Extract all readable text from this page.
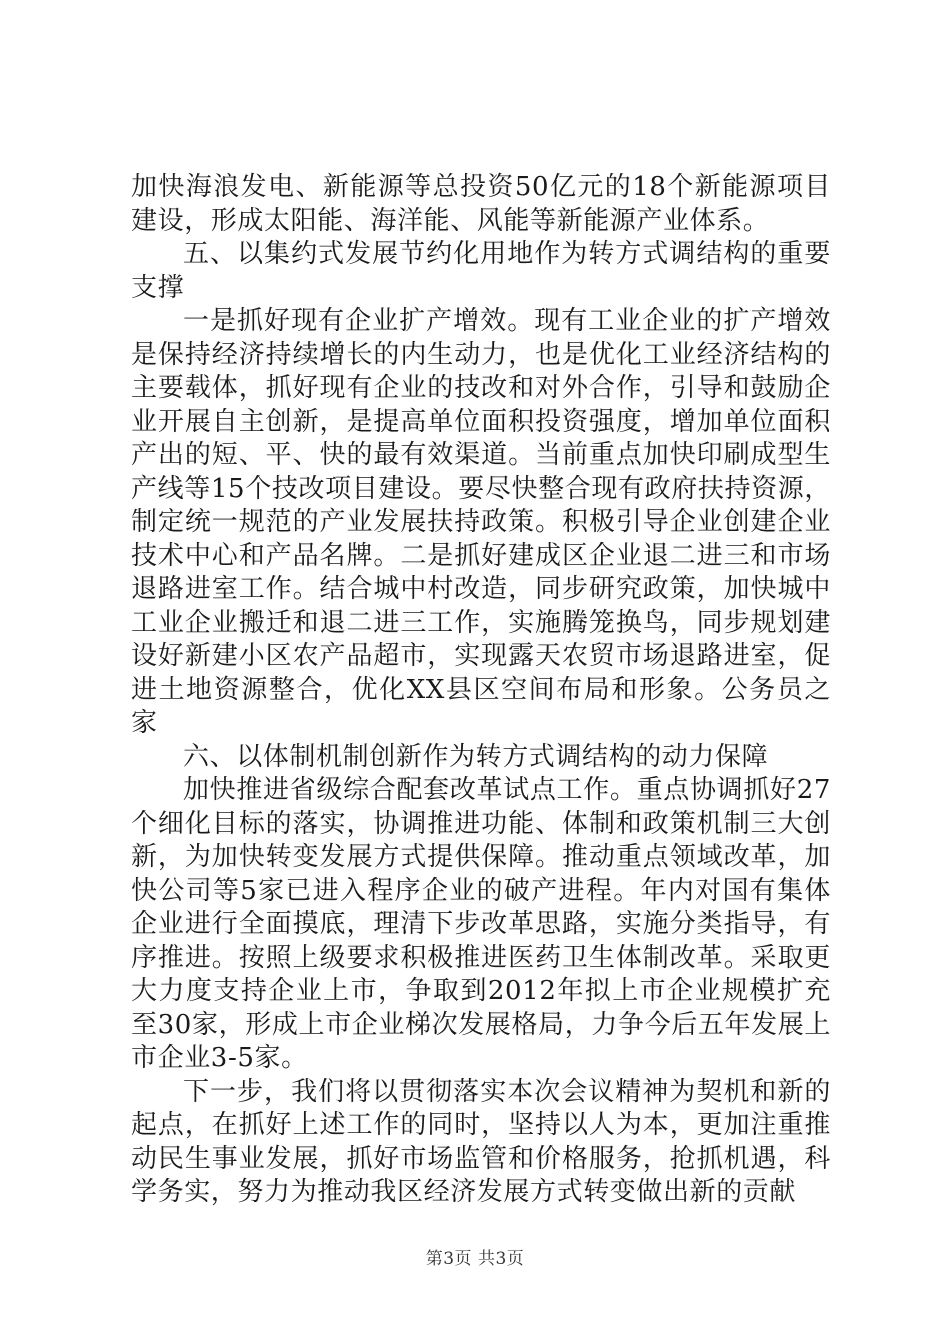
加快海浪发电、新能源等总投资50亿元的18个新能源项目建设，形成太阳能、海洋能、风能等新能源产业体系。

五、以集约式发展节约化用地作为转方式调结构的重要支撑

一是抓好现有企业扩产增效。现有工业企业的扩产增效是保持经济持续增长的内生动力，也是优化工业经济结构的主要载体，抓好现有企业的技改和对外合作，引导和鼓励企业开展自主创新，是提高单位面积投资强度，增加单位面积产出的短、平、快的最有效渠道。当前重点加快印刷成型生产线等15个技改项目建设。要尽快整合现有政府扶持资源，制定统一规范的产业发展扶持政策。积极引导企业创建企业技术中心和产品名牌。二是抓好建成区企业退二进三和市场退路进室工作。结合城中村改造，同步研究政策，加快城中工业企业搬迁和退二进三工作，实施腾笼换鸟，同步规划建设好新建小区农产品超市，实现露天农贸市场退路进室，促进土地资源整合，优化XX县区空间布局和形象。公务员之家

六、以体制机制创新作为转方式调结构的动力保障

加快推进省级综合配套改革试点工作。重点协调抓好27个细化目标的落实，协调推进功能、体制和政策机制三大创新，为加快转变发展方式提供保障。推动重点领域改革，加快公司等5家已进入程序企业的破产进程。年内对国有集体企业进行全面摸底，理清下步改革思路，实施分类指导，有序推进。按照上级要求积极推进医药卫生体制改革。采取更大力度支持企业上市，争取到2012年拟上市企业规模扩充至30家，形成上市企业梯次发展格局，力争今后五年发展上市企业3-5家。

下一步，我们将以贯彻落实本次会议精神为契机和新的起点，在抓好上述工作的同时，坚持以人为本，更加注重推动民生事业发展，抓好市场监管和价格服务，抢抓机遇，科学务实，努力为推动我区经济发展方式转变做出新的贡献

第3页 共3页
